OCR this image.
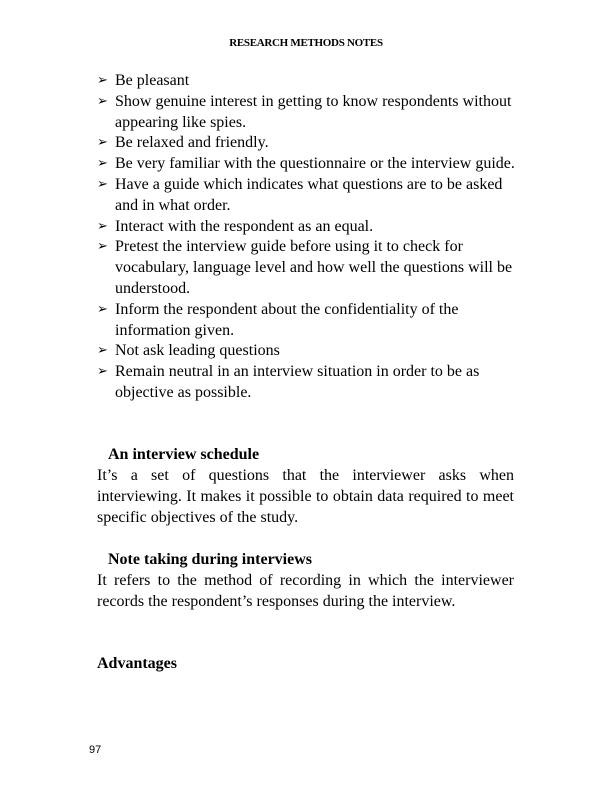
RESEARCH METHODS NOTES
➢ Be pleasant
➢ Show genuine interest in getting to know respondents without appearing like spies.
➢ Be relaxed and friendly.
➢ Be very familiar with the questionnaire or the interview guide.
➢ Have a guide which indicates what questions are to be asked and in what order.
➢ Interact with the respondent as an equal.
➢ Pretest the interview guide before using it to check for vocabulary, language level and how well the questions will be understood.
➢ Inform the respondent about the confidentiality of the information given.
➢ Not ask leading questions
➢ Remain neutral in an interview situation in order to be as objective as possible.
An interview schedule

It’s a set of questions that the interviewer asks when interviewing. It makes it possible to obtain data required to meet specific objectives of the study.

Note taking during interviews

It refers to the method of recording in which the interviewer records the respondent’s responses during the interview.

Advantages
97
